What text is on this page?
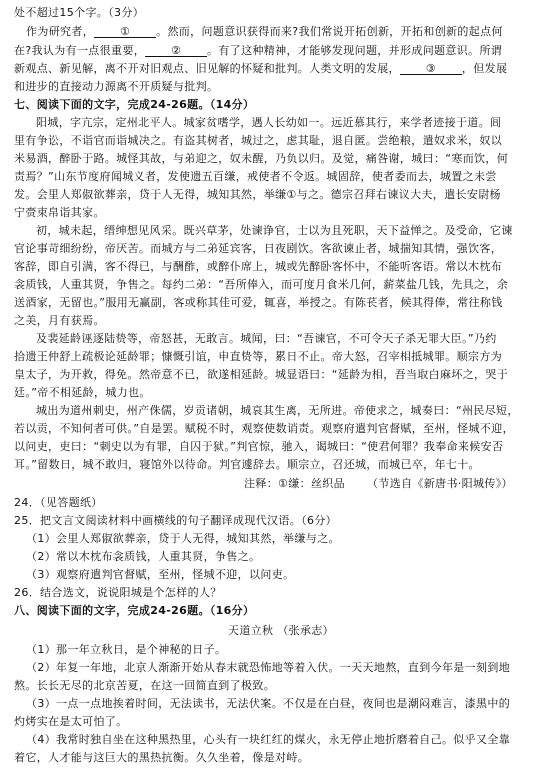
处不超过15个字。（3分）
作为研究者， ① 。然而，问题意识获得而来?我们常说开拓创新，开拓和创新的起点何
在?我认为有一点很重要， ② 。有了这种精神，才能够发现问题，并形成问题意识。所谓
新观点、新见解，离不开对旧观点、旧见解的怀疑和批判。人类文明的发展， ③ ，但发展
和进步的直接动力源离不开质疑与批判。
七、阅读下面的文字，完成24-26题。（14分）
阳城，字亢宗，定州北平人。城家贫嗜学，遇人长幼如一。远近慕其行，来学者迹接于道。闾
里有争讼，不诣官而诣城决之。有盗其树者，城过之，虑其耻，退自匿。尝绝粮，遣奴求米，奴以
米易酒，醉卧于路。城怪其故，与弟迎之，奴未醒，乃负以归。及觉，痛咎谢，城曰：“寒而饮，何
责焉？”山东节度府闻城义者，发使遗五百缣，戒使者不令返。城固辞，使者委而去，城置之未尝
发。会里人郑俶欲葬亲，贷于人无得，城知其然，举缣①与之。德宗召拜右谏议大夫，遣长安尉杨
宁赍束帛诣其家。
初，城未起，缙绅想见风采。既兴草茅，处谏诤官，士以为且死职，天下益惮之。及受命，它谏
官论事苛细纷纷，帝厌苦。而城方与二弟延宾客，日夜剧饮。客欲谏止者，城揣知其情，强饮客，
客辞，即自引满，客不得已，与酬酢，或醉仆席上，城或先醉卧客怀中，不能听客语。常以木枕布
衾质钱，人重其贤，争售之。每约二弟：“吾所俸入，而可度月食米几何，薪菜盐几钱，先具之，余
送酒家，无留也。”服用无赢副，客或称其佳可爱，辄喜，举授之。有陈苌者，候其得俸，常往称钱
之美，月有获焉。
及裴延龄诬逐陆贽等，帝怒甚，无敢言。城闻，曰：“吾谏官，不可令天子杀无罪大臣。”乃约
拾遗王仲舒上疏极论延龄罪；慷慨引谊，申直贽等，累日不止。帝大怒，召宰相抵城罪。顺宗方为
皇太子，为开救，得免。然帝意不已，欲遂相延龄。城显语曰：“延龄为相，吾当取白麻坏之，哭于
廷。”帝不相延龄，城力也。
城出为道州刺史，州产侏儒，岁贡诸朝，城哀其生离，无所进。帝使求之，城奏曰：“州民尽短，
若以贡，不知何者可供。”自是罢。赋税不时，观察使数诮责。观察府遣判官督赋，至州，怪城不迎，
以问吏，吏曰：“刺史以为有罪，自囚于狱。”判官惊，驰入，谒城曰：“使君何罪？我奉命来候安否
耳。”留数日，城不敢归，寝馆外以待命。判官遽辞去。顺宗立，召还城，而城已卒，年七十。
注释：①缣：丝织品 （节选自《新唐书·阳城传》）
24．（见答题纸）
25．把文言文阅读材料中画横线的句子翻译成现代汉语。（6分）
（1）会里人郑俶欲葬亲，贷于人无得，城知其然，举缣与之。
（2）常以木枕布衾质钱，人重其贤，争售之。
（3）观察府遣判官督赋，至州，怪城不迎，以问吏。
26．结合选文，说说阳城是个怎样的人？
八、阅读下面的文字，完成24-26题。（16分）
天道立秋 （张承志）
（1）那一年立秋日，是个神秘的日子。
（2）年复一年地，北京人渐渐开始从春末就恐怖地等着入伏。一天天地熬，直到今年是一刻到地
熬。长长无尽的北京苦夏，在这一回简直到了极致。
（3）一点一点地挨着时间，无法读书，无法伏案。不仅是在白昼，夜间也是潮闷难言，漆黑中的
灼烤实在是太可怕了。
（4）我常时独自坐在这种黑热里，心头有一块红红的煤火，永无停止地折磨着自己。似乎又全靠
着它，人才能与这巨大的黑热抗衡。久久坐着，像是对峙。
